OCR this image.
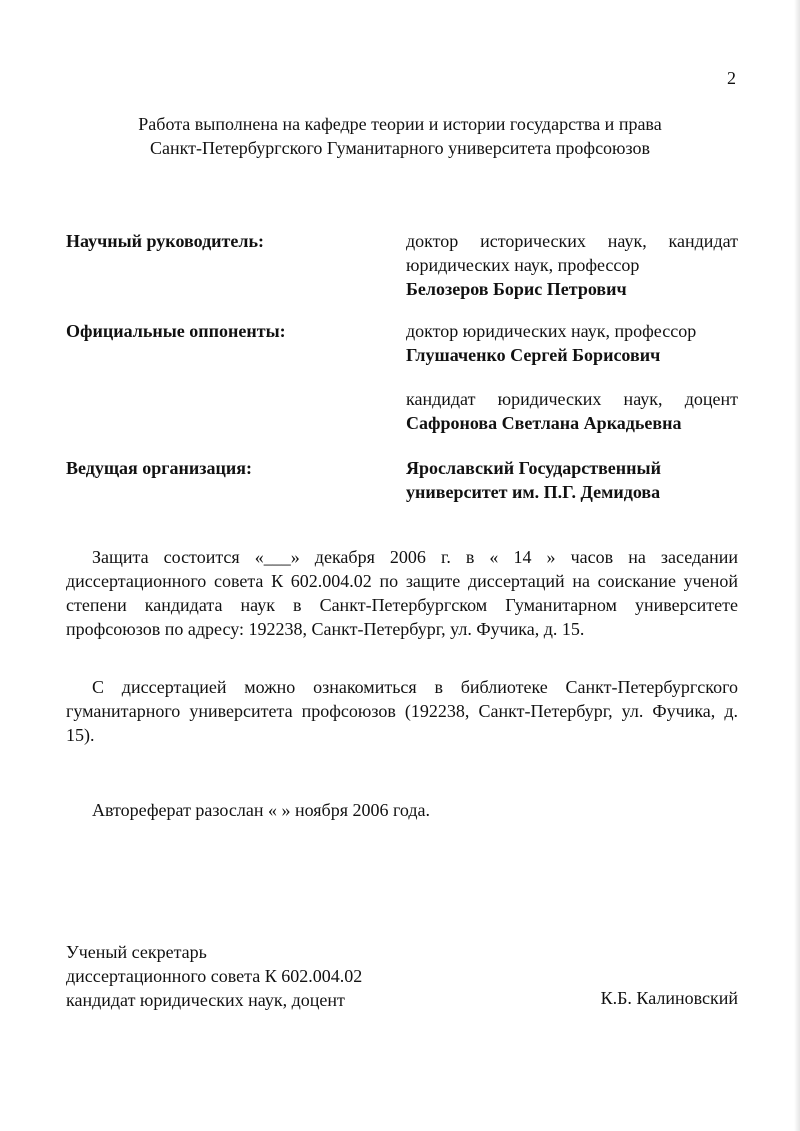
2
Работа выполнена на кафедре теории и истории государства и права
Санкт-Петербургского Гуманитарного университета профсоюзов
Научный руководитель:	доктор исторических наук, кандидат
юридических наук, профессор
Белозеров Борис Петрович
Официальные оппоненты:	доктор юридических наук, профессор
Глушаченко Сергей Борисович
кандидат юридических наук, доцент
Сафронова Светлана Аркадьевна
Ведущая организация:	Ярославский Государственный
университет им. П.Г. Демидова
Защита состоится «___» декабря 2006 г. в « 14 » часов на заседании диссертационного совета К 602.004.02 по защите диссертаций на соискание ученой степени кандидата наук в Санкт-Петербургском Гуманитарном университете профсоюзов по адресу: 192238, Санкт-Петербург, ул. Фучика, д. 15.
С диссертацией можно ознакомиться в библиотеке Санкт-Петербургского гуманитарного университета профсоюзов (192238, Санкт-Петербург, ул. Фучика, д. 15).
Автореферат разослан « » ноября 2006 года.
Ученый секретарь
диссертационного совета К 602.004.02
кандидат юридических наук, доцент	К.Б. Калиновский
